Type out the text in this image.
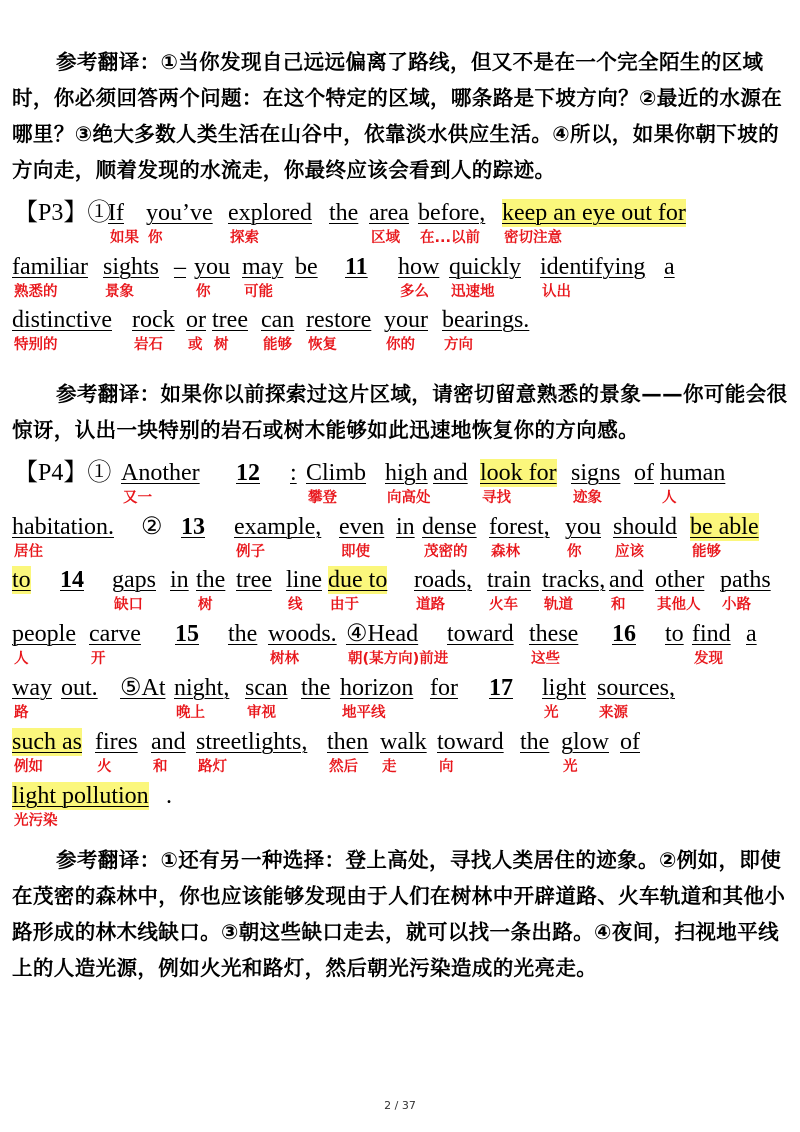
参考翻译：①当你发现自己远远偏离了路线，但又不是在一个完全陌生的区域时，你必须回答两个问题：在这个特定的区域，哪条路是下坡方向？②最近的水源在哪里？③绝大多数人类生活在山谷中，依靠淡水供应生活。④所以，如果你朝下坡的方向走，顺着发现的水流走，你最终应该会看到人的踪迹。
【P3】①
If
如果
you’ve
你
explored
探索
the area
区域
before,
在...以前
keep an eye out for
密切注意
familiar
熟悉的
sights
景象
– you
你
may
可能
be 11 how
多么
quickly
迅速地
identifying
认出
a
distinctive
特别的
rock
岩石
or
或
tree
树
can
能够
restore
恢复
your
你的
bearings.
方向
参考翻译：如果你以前探索过这片区域，请密切留意熟悉的景象——你可能会很惊讶，认出一块特别的岩石或树木能够如此迅速地恢复你的方向感。
【P4】① Another
又一
12 : Climb
攀登
high
向高处
and look for
寻找
signs
迹象
of human
人
habitation.
居住
② 13 example,
例子
even
即使
in dense
茂密的
forest,
森林
you
你
should
应该
be able
能够
to 14 gaps
缺口
in the
树
tree line
线
due to
由于
roads,
道路
train
火车
tracks,
轨道
and
和
other
其他人
paths
小路
people
人
carve
开
15 the woods.
树林
④Head
朝(某方向)前进
toward these
这些
16 to find
发现
a
way
路
out. ⑤At night,
晚上
scan
审视
the horizon
地平线
for 17 light
光
sources,
来源
such as
例如
fires
火
and
和
streetlights,
路灯
then
然后
walk
走
toward
向
the glow
光
of
light pollution
光污染
.
参考翻译：①还有另一种选择：登上高处，寻找人类居住的迹象。②例如，即使在茂密的森林中，你也应该能够发现由于人们在树林中开辟道路、火车轨道和其他小路形成的林木线缺口。③朝这些缺口走去，就可以找一条出路。④夜间，扫视地平线上的人造光源，例如火光和路灯，然后朝光污染造成的光亮走。
2 / 37
